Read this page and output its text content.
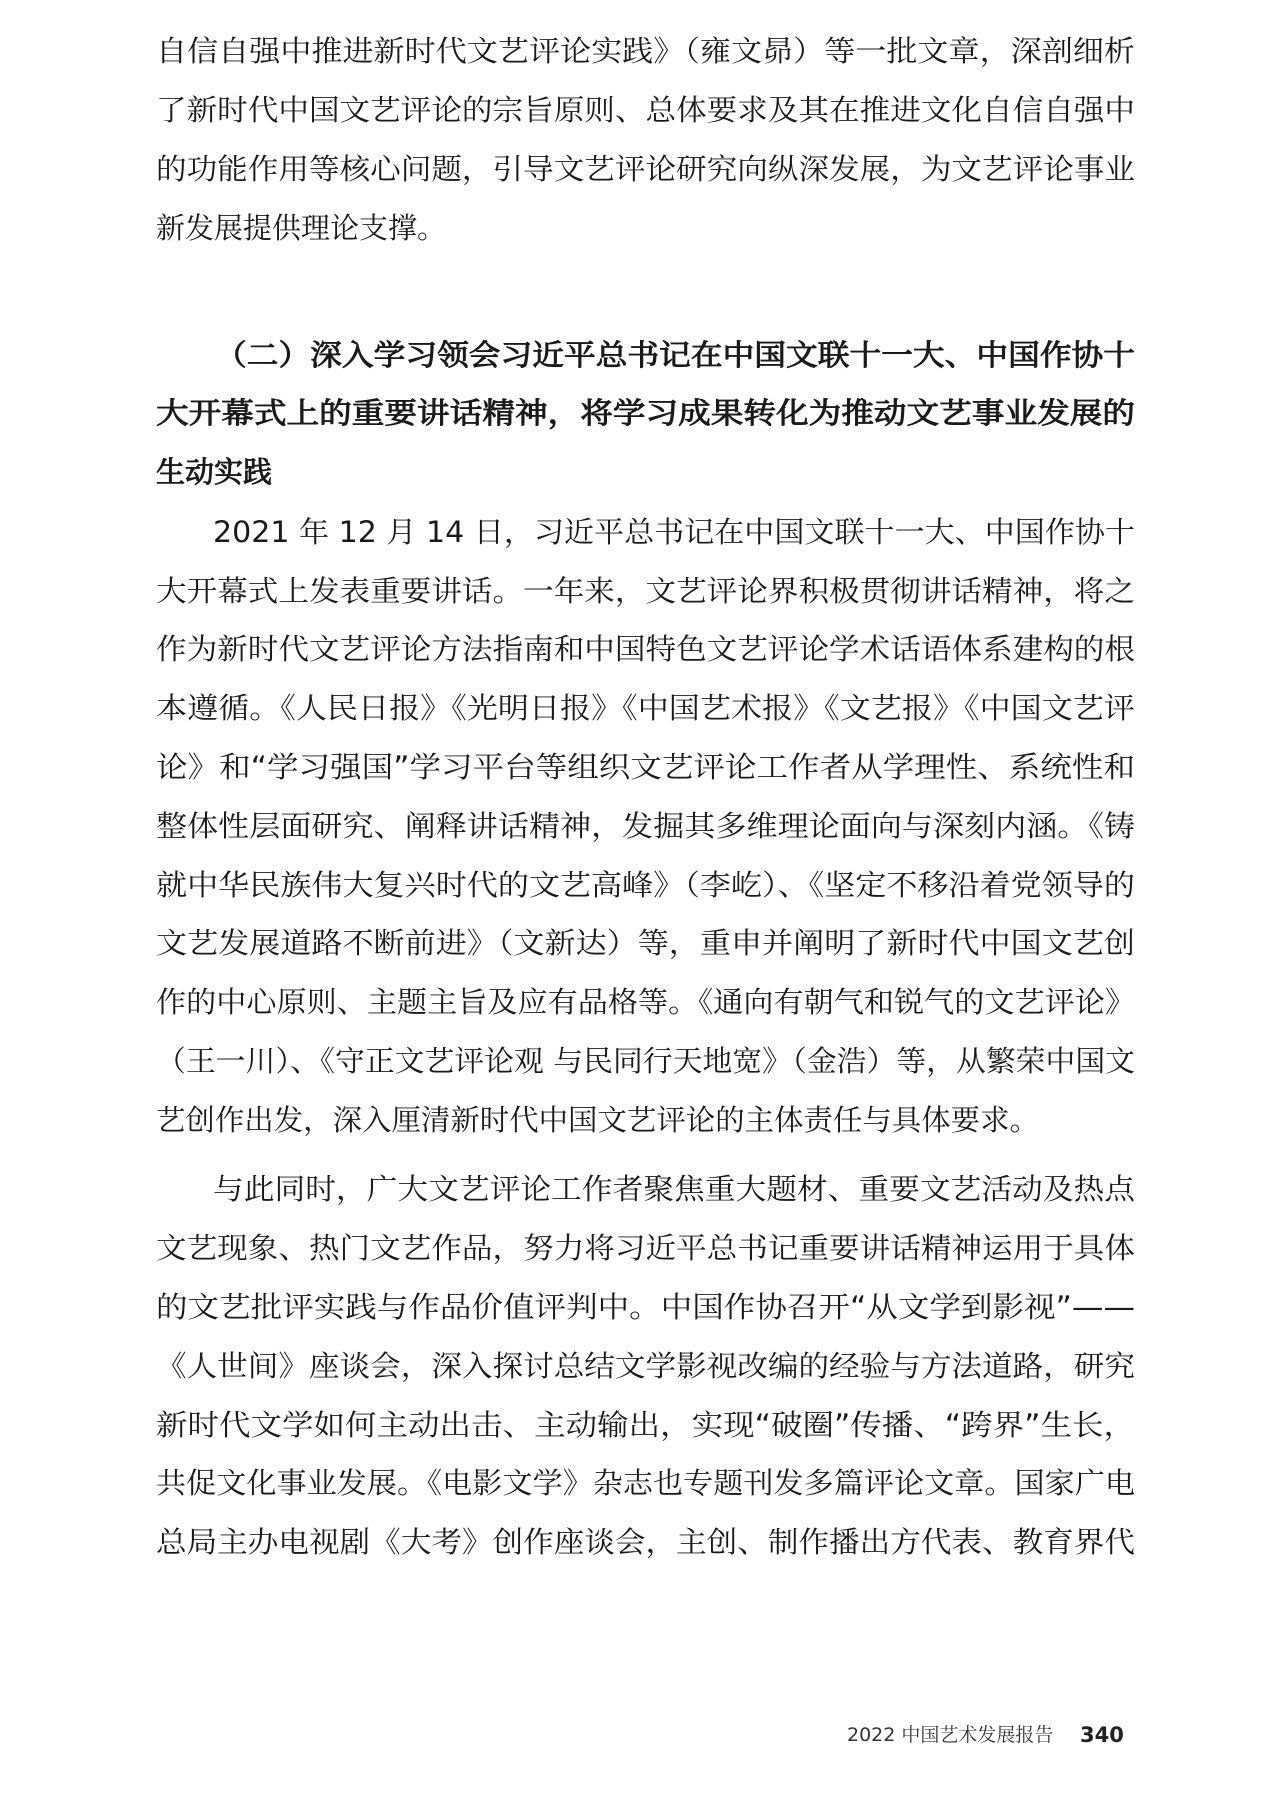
自信自强中推进新时代文艺评论实践》（雍文昴）等一批文章，深剖细析
了新时代中国文艺评论的宗旨原则、总体要求及其在推进文化自信自强中
的功能作用等核心问题，引导文艺评论研究向纵深发展，为文艺评论事业
新发展提供理论支撑。
（二）深入学习领会习近平总书记在中国文联十一大、中国作协十
大开幕式上的重要讲话精神，将学习成果转化为推动文艺事业发展的
生动实践
2021 年 12 月 14 日，习近平总书记在中国文联十一大、中国作协十
大开幕式上发表重要讲话。一年来，文艺评论界积极贯彻讲话精神，将之
作为新时代文艺评论方法指南和中国特色文艺评论学术话语体系建构的根
本遵循。《人民日报》《光明日报》《中国艺术报》《文艺报》《中国文艺评
论》和“学习强国”学习平台等组织文艺评论工作者从学理性、系统性和
整体性层面研究、阐释讲话精神，发掘其多维理论面向与深刻内涵。《铸
就中华民族伟大复兴时代的文艺高峰》（李屹）、《坚定不移沿着党领导的
文艺发展道路不断前进》（文新达）等，重申并阐明了新时代中国文艺创
作的中心原则、主题主旨及应有品格等。《通向有朝气和锐气的文艺评论》
（王一川）、《守正文艺评论观 与民同行天地宽》（金浩）等，从繁荣中国文
艺创作出发，深入厘清新时代中国文艺评论的主体责任与具体要求。
与此同时，广大文艺评论工作者聚焦重大题材、重要文艺活动及热点
文艺现象、热门文艺作品，努力将习近平总书记重要讲话精神运用于具体
的文艺批评实践与作品价值评判中。中国作协召开“从文学到影视”——
《人世间》座谈会，深入探讨总结文学影视改编的经验与方法道路，研究
新时代文学如何主动出击、主动输出，实现“破圈”传播、“跨界”生长，
共促文化事业发展。《电影文学》杂志也专题刊发多篇评论文章。国家广电
总局主办电视剧《大考》创作座谈会，主创、制作播出方代表、教育界代
2022 中国艺术发展报告 340
